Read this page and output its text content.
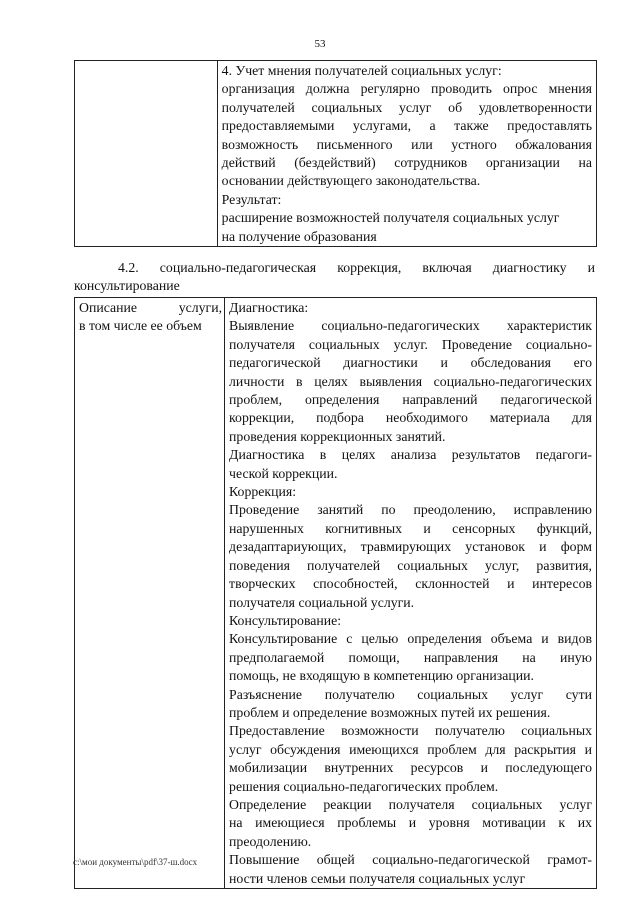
53

4. Учет мнения получателей социальных услуг:
организация должна регулярно проводить опрос мнения
получателей социальных услуг об удовлетворенности
предоставляемыми услугами, а также предоставлять
возможность письменного или устного обжалования
действий (бездействий) сотрудников организации на
основании действующего законодательства.
Результат:
расширение возможностей получателя социальных услуг
на получение образования
4.2. социально-педагогическая коррекция, включая диагностику и
консультирование
Описание услуги,
в том числе ее объем

Диагностика:
Выявление социально-педагогических характеристик
получателя социальных услуг. Проведение социально-
педагогической диагностики и обследования его
личности в целях выявления социально-педагогических
проблем, определения направлений педагогической
коррекции, подбора необходимого материала для
проведения коррекционных занятий.
Диагностика в целях анализа результатов педагоги-
ческой коррекции.
Коррекция:
Проведение занятий по преодолению, исправлению
нарушенных когнитивных и сенсорных функций,
дезадаптариующих, травмирующих установок и форм
поведения получателей социальных услуг, развития,
творческих способностей, склонностей и интересов
получателя социальной услуги.
Консультирование:
Консультирование с целью определения объема и видов
предполагаемой помощи, направления на иную
помощь, не входящую в компетенцию организации.
Разъяснение получателю социальных услуг сути
проблем и определение возможных путей их решения.
Предоставление возможности получателю социальных
услуг обсуждения имеющихся проблем для раскрытия и
мобилизации внутренних ресурсов и последующего
решения социально-педагогических проблем.
Определение реакции получателя социальных услуг
на имеющиеся проблемы и уровня мотивации к их
преодолению.
Повышение общей социально-педагогической грамот-
ности членов семьи получателя социальных услуг
c:\мои документы\pdf\37-ш.docx
